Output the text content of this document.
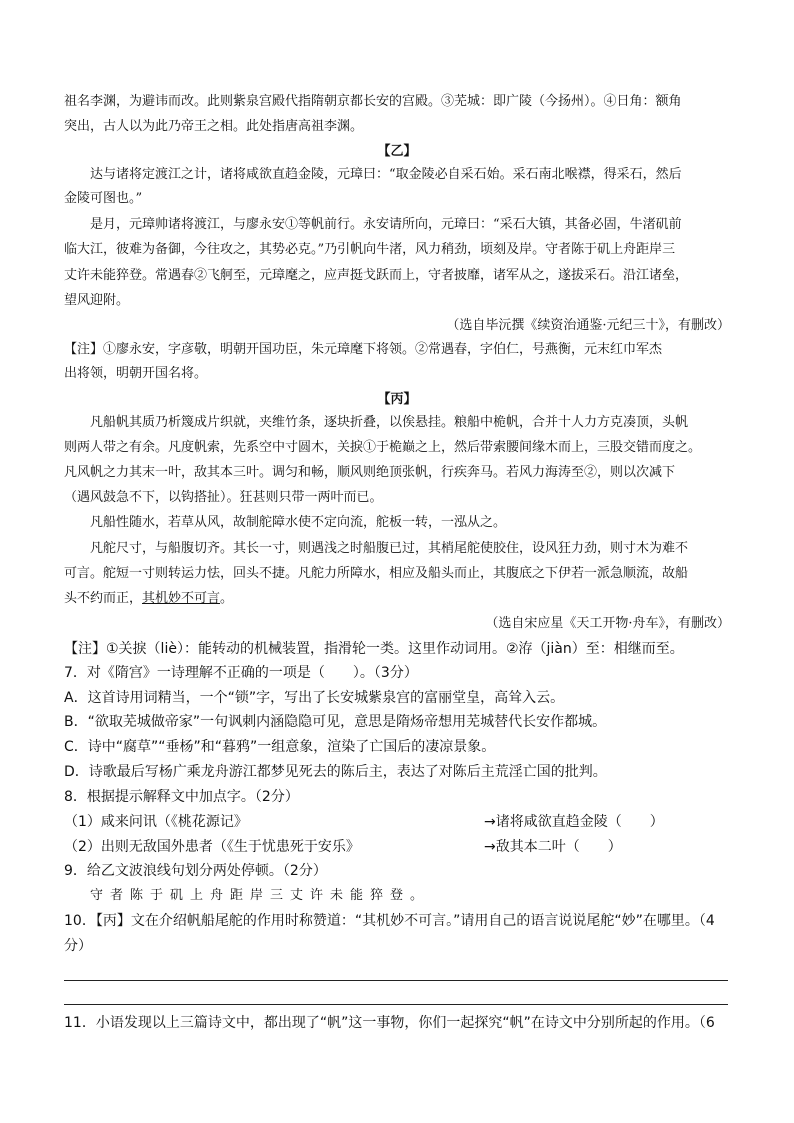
祖名李渊，为避讳而改。此则紫泉宫殿代指隋朝京都长安的宫殿。③芜城：即广陵（今扬州）。④日角：额角
突出，古人以为此乃帝王之相。此处指唐高祖李渊。
【乙】
达与诸将定渡江之计，诸将咸欲直趋金陵，元璋曰：“取金陵必自采石始。采石南北喉襟，得采石，然后
金陵可图也。”
是月，元璋帅诸将渡江，与廖永安①等帆前行。永安请所向，元璋曰：“采石大镇，其备必固，牛渚矶前
临大江，彼难为备御，今往攻之，其势必克。”乃引帆向牛渚，风力稍劲，顷刻及岸。守者陈于矶上舟距岸三
丈许未能猝登。常遇春②飞舸至，元璋麾之，应声挺戈跃而上，守者披靡，诸军从之，遂拔采石。沿江诸垒，
望风迎附。
（选自毕沅撰《续资治通鉴·元纪三十》，有删改）
【注】①廖永安，字彦敬，明朝开国功臣，朱元璋麾下将领。②常遇春，字伯仁，号燕衡，元末红巾军杰
出将领，明朝开国名将。
【丙】
凡船帆其质乃析篾成片织就，夹维竹条，逐块折叠，以俟悬挂。粮船中桅帆，合并十人力方克凑顶，头帆
则两人带之有余。凡度帆索，先系空中寸圆木，关捩①于桅巅之上，然后带索腰间缘木而上，三股交错而度之。
凡风帆之力其末一叶，敌其本三叶。调匀和畅，顺风则绝顶张帆，行疾奔马。若风力海涛至②，则以次减下
（遇风鼓急不下，以钩搭扯）。狂甚则只带一两叶而已。
凡船性随水，若草从风，故制舵障水使不定向流，舵板一转，一泓从之。
凡舵尺寸，与船腹切齐。其长一寸，则遇浅之时船腹已过，其梢尾舵使胶住，设风狂力劲，则寸木为难不
可言。舵短一寸则转运力怯，回头不捷。凡舵力所障水，相应及船头而止，其腹底之下伊若一派急顺流，故船
头不约而正，其机妙不可言。
（选自宋应星《天工开物·舟车》，有删改）
【注】①关捩（liè）：能转动的机械装置，指滑轮一类。这里作动词用。②洊（jiàn）至：相继而至。
7．对《隋宫》一诗理解不正确的一项是（　　）。（3分）
A．这首诗用词精当，一个“锁”字，写出了长安城紫泉宫的富丽堂皇，高耸入云。
B．“欲取芜城做帝家”一句讽刺内涵隐隐可见，意思是隋炀帝想用芜城替代长安作都城。
C．诗中“腐草”“垂杨”和“暮鸦”一组意象，渲染了亡国后的凄凉景象。
D．诗歌最后写杨广乘龙舟游江都梦见死去的陈后主，表达了对陈后主荒淫亡国的批判。
8．根据提示解释文中加点字。（2分）
（1）咸来问讯（《桃花源记》	→诸将咸欲直趋金陵（　　）
（2）出则无敌国外患者（《生于忧患死于安乐》	→敌其本二叶（　　）
9．给乙文波浪线句划分两处停顿。（2分）
守者陈于矶上舟距岸三丈许未能猝登。
10．【丙】文在介绍帆船尾舵的作用时称赞道：“其机妙不可言。”请用自己的语言说说尾舵“妙”在哪里。（4
分）
11．小语发现以上三篇诗文中，都出现了“帆”这一事物，你们一起探究“帆”在诗文中分别所起的作用。（6
